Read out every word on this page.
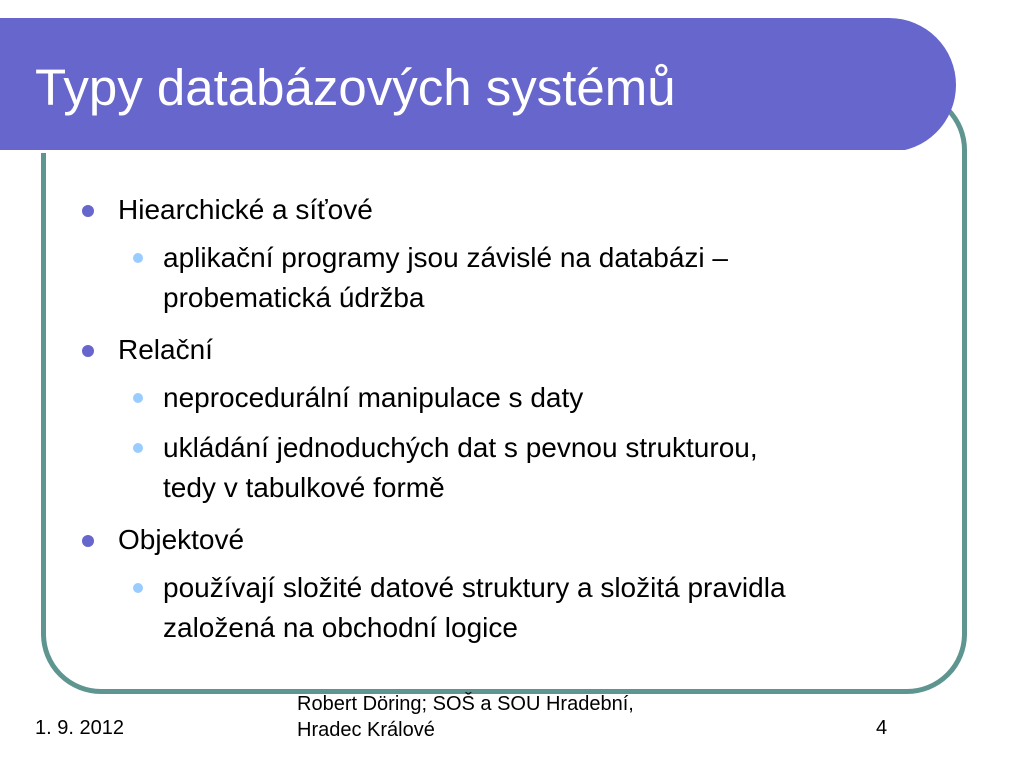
Typy databázových systémů
Hiearchické a síťové
aplikační programy jsou závislé na databázi –
probematická údržba
Relační
neprocedurální manipulace s daty
ukládání jednoduchých dat s pevnou strukturou,
tedy v tabulkové formě
Objektové
používají složité datové struktury a složitá pravidla
založená na obchodní logice
1. 9. 2012
Robert Döring; SOŠ a SOU Hradební,
Hradec Králové	4
